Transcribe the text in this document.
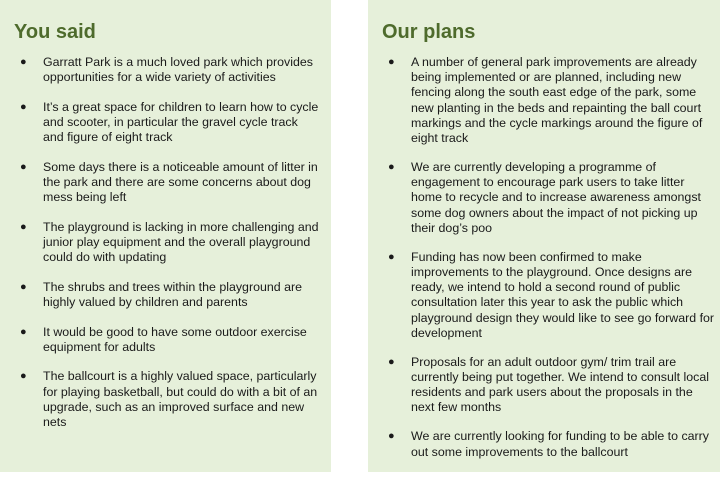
You said
● Garratt Park is a much loved park which provides opportunities for a wide variety of activities
● It’s a great space for children to learn how to cycle and scooter, in particular the gravel cycle track and figure of eight track
● Some days there is a noticeable amount of litter in the park and there are some concerns about dog mess being left
● The playground is lacking in more challenging and junior play equipment and the overall playground could do with updating
● The shrubs and trees within the playground are highly valued by children and parents
● It would be good to have some outdoor exercise equipment for adults
● The ballcourt is a highly valued space, particularly for playing basketball, but could do with a bit of an upgrade, such as an improved surface and new nets
Our plans
● A number of general park improvements are already being implemented or are planned, including new fencing along the south east edge of the park, some new planting in the beds and repainting the ball court markings and the cycle markings around the figure of eight track
● We are currently developing a programme of engagement to encourage park users to take litter home to recycle and to increase awareness amongst some dog owners about the impact of not picking up their dog’s poo
● Funding has now been confirmed to make improvements to the playground. Once designs are ready, we intend to hold a second round of public consultation later this year to ask the public which playground design they would like to see go forward for development
● Proposals for an adult outdoor gym/ trim trail are currently being put together. We intend to consult local residents and park users about the proposals in the next few months
● We are currently looking for funding to be able to carry out some improvements to the ballcourt
